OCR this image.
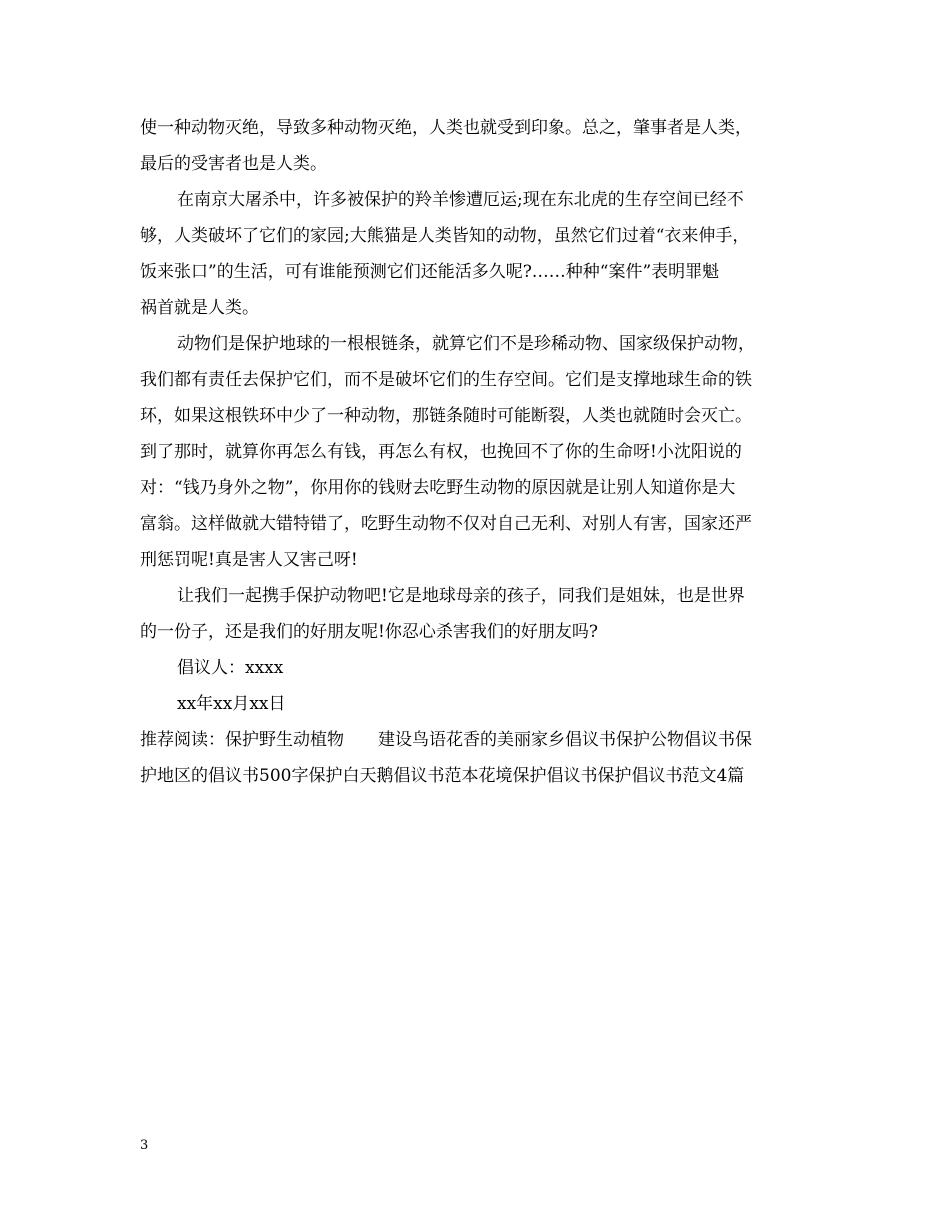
使一种动物灭绝，导致多种动物灭绝，人类也就受到印象。总之，肇事者是人类，
最后的受害者也是人类。
在南京大屠杀中，许多被保护的羚羊惨遭厄运;现在东北虎的生存空间已经不
够，人类破坏了它们的家园;大熊猫是人类皆知的动物，虽然它们过着“衣来伸手，
饭来张口”的生活，可有谁能预测它们还能活多久呢?……种种“案件”表明罪魁
祸首就是人类。
动物们是保护地球的一根根链条，就算它们不是珍稀动物、国家级保护动物，
我们都有责任去保护它们，而不是破坏它们的生存空间。它们是支撑地球生命的铁
环，如果这根铁环中少了一种动物，那链条随时可能断裂，人类也就随时会灭亡。
到了那时，就算你再怎么有钱，再怎么有权，也挽回不了你的生命呀!小沈阳说的
对：“钱乃身外之物”，你用你的钱财去吃野生动物的原因就是让别人知道你是大
富翁。这样做就大错特错了，吃野生动物不仅对自己无利、对别人有害，国家还严
刑惩罚呢!真是害人又害己呀!
让我们一起携手保护动物吧!它是地球母亲的孩子，同我们是姐妹，也是世界
的一份子，还是我们的好朋友呢!你忍心杀害我们的好朋友吗?
倡议人：xxxx
xx年xx月xx日
推荐阅读：保护野生动植物　　建设鸟语花香的美丽家乡倡议书保护公物倡议书保
护地区的倡议书500字保护白天鹅倡议书范本花境保护倡议书保护倡议书范文4篇
3
